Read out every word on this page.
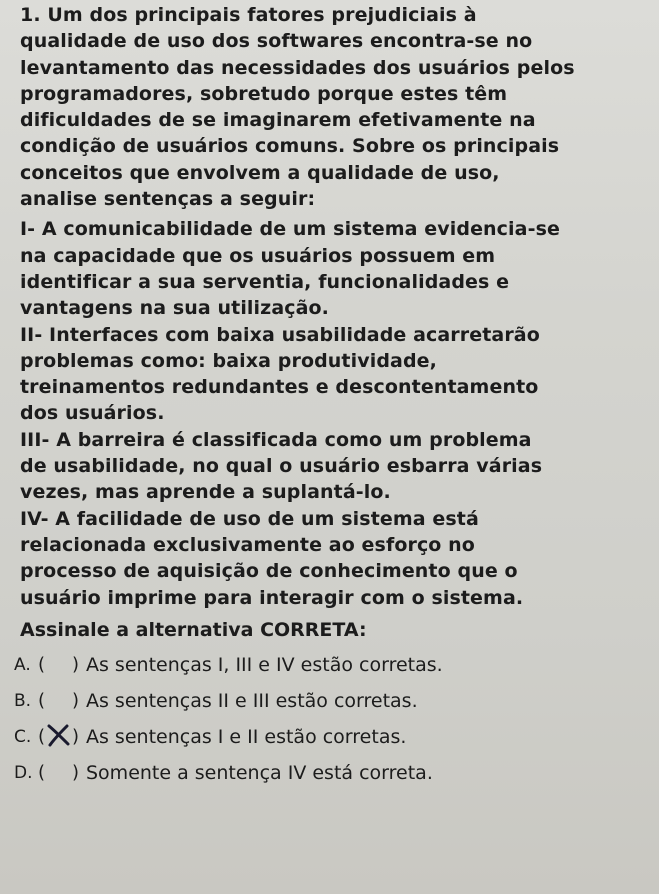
1. Um dos principais fatores prejudiciais à
qualidade de uso dos softwares encontra-se no
levantamento das necessidades dos usuários pelos
programadores, sobretudo porque estes têm
dificuldades de se imaginarem efetivamente na
condição de usuários comuns. Sobre os principais
conceitos que envolvem a qualidade de uso,
analise sentenças a seguir:
I- A comunicabilidade de um sistema evidencia-se
na capacidade que os usuários possuem em
identificar a sua serventia, funcionalidades e
vantagens na sua utilização.
II- Interfaces com baixa usabilidade acarretarão
problemas como: baixa produtividade,
treinamentos redundantes e descontentamento
dos usuários.
III- A barreira é classificada como um problema
de usabilidade, no qual o usuário esbarra várias
vezes, mas aprende a suplantá-lo.
IV- A facilidade de uso de um sistema está
relacionada exclusivamente ao esforço no
processo de aquisição de conhecimento que o
usuário imprime para interagir com o sistema.
Assinale a alternativa CORRETA:
A. ( ) As sentenças I, III e IV estão corretas.
B. ( ) As sentenças II e III estão corretas.
C. ( ) As sentenças I e II estão corretas.
D. ( ) Somente a sentença IV está correta.
